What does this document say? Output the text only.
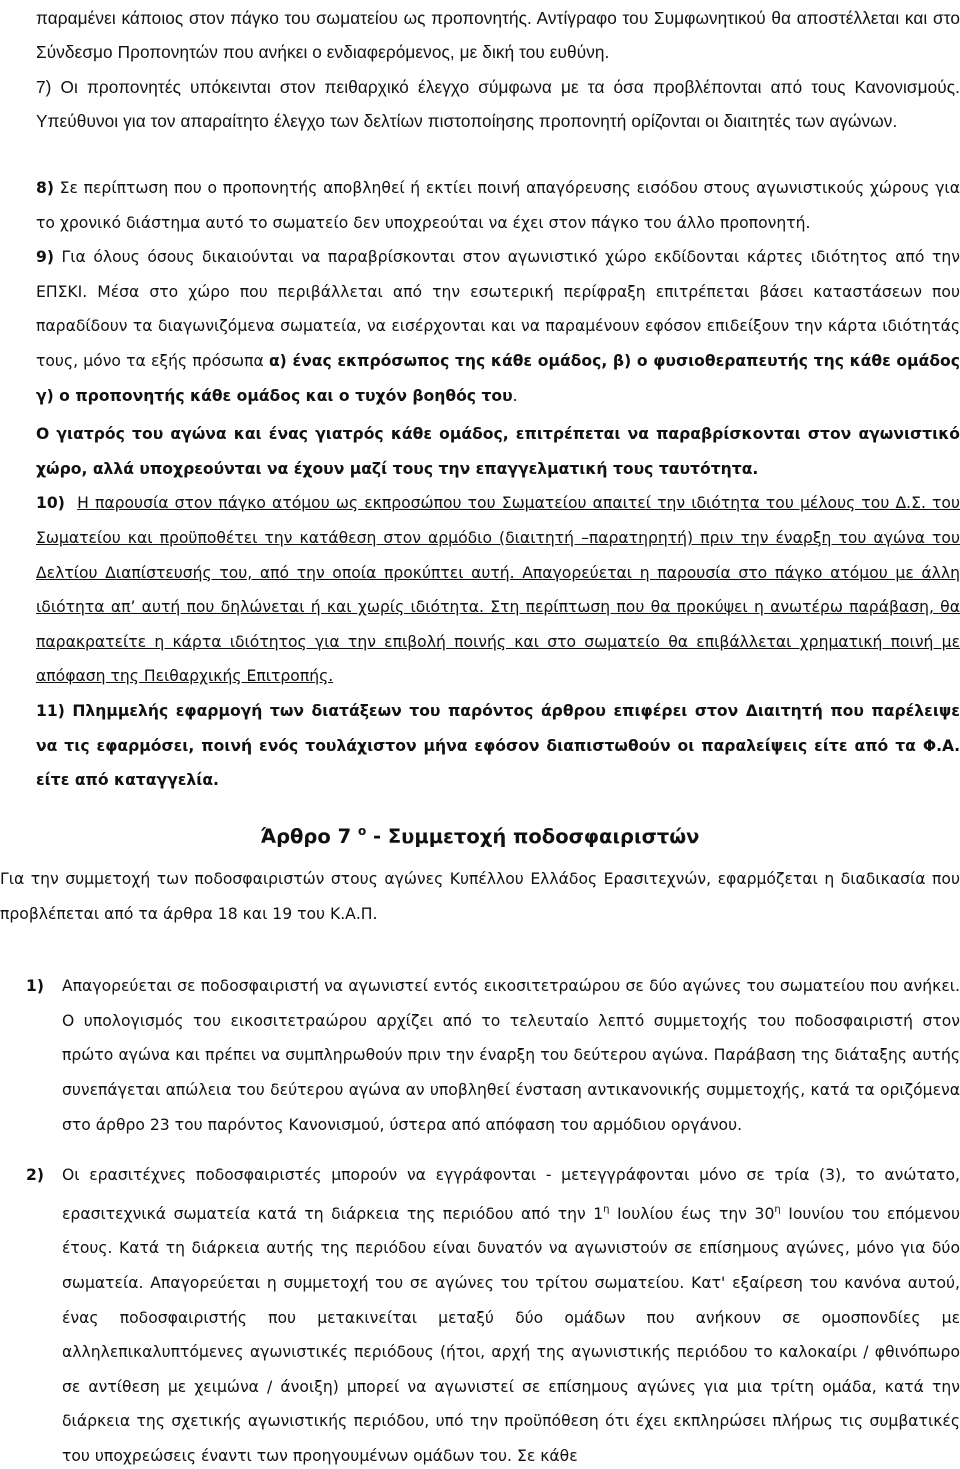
παραμένει κάποιος στον πάγκο του σωματείου ως προπονητής. Αντίγραφο του Συμφωνητικού θα αποστέλλεται και στο Σύνδεσμο Προπονητών που ανήκει ο ενδιαφερόμενος, με δική του ευθύνη.

7) Οι προπονητές υπόκεινται στον πειθαρχικό έλεγχο σύμφωνα με τα όσα προβλέπονται από τους Κανονισμούς. Υπεύθυνοι για τον απαραίτητο έλεγχο των δελτίων πιστοποίησης προπονητή ορίζονται οι διαιτητές των αγώνων.

8) Σε περίπτωση που ο προπονητής αποβληθεί ή εκτίει ποινή απαγόρευσης εισόδου στους αγωνιστικούς χώρους για το χρονικό διάστημα αυτό το σωματείο δεν υποχρεούται να έχει στον πάγκο του άλλο προπονητή.

9) Για όλους όσους δικαιούνται να παραβρίσκονται στον αγωνιστικό χώρο εκδίδονται κάρτες ιδιότητος από την ΕΠΣΚΙ. Μέσα στο χώρο που περιβάλλεται από την εσωτερική περίφραξη επιτρέπεται βάσει καταστάσεων που παραδίδουν τα διαγωνιζόμενα σωματεία, να εισέρχονται και να παραμένουν εφόσον επιδείξουν την κάρτα ιδιότητάς τους, μόνο τα εξής πρόσωπα α) ένας εκπρόσωπος της κάθε ομάδος, β) ο φυσιοθεραπευτής της κάθε ομάδος γ) ο προπονητής κάθε ομάδος και ο τυχόν βοηθός του.

Ο γιατρός του αγώνα και ένας γιατρός κάθε ομάδος, επιτρέπεται να παραβρίσκονται στον αγωνιστικό χώρο, αλλά υποχρεούνται να έχουν μαζί τους την επαγγελματική τους ταυτότητα.

10) Η παρουσία στον πάγκο ατόμου ως εκπροσώπου του Σωματείου απαιτεί την ιδιότητα του μέλους του Δ.Σ. του Σωματείου και προϋποθέτει την κατάθεση στον αρμόδιο (διαιτητή –παρατηρητή) πριν την έναρξη του αγώνα του Δελτίου Διαπίστευσής του, από την οποία προκύπτει αυτή. Απαγορεύεται η παρουσία στο πάγκο ατόμου με άλλη ιδιότητα απ’ αυτή που δηλώνεται ή και χωρίς ιδιότητα. Στη περίπτωση που θα προκύψει η ανωτέρω παράβαση, θα παρακρατείτε η κάρτα ιδιότητος για την επιβολή ποινής και στο σωματείο θα επιβάλλεται χρηματική ποινή με απόφαση της Πειθαρχικής Επιτροπής.

11) Πλημμελής εφαρμογή των διατάξεων του παρόντος άρθρου επιφέρει στον Διαιτητή που παρέλειψε να τις εφαρμόσει, ποινή ενός τουλάχιστον μήνα εφόσον διαπιστωθούν οι παραλείψεις είτε από τα Φ.Α. είτε από καταγγελία.

Άρθρο 7 $^o$ - Συμμετοχή ποδοσφαιριστών

Για την συμμετοχή των ποδοσφαιριστών στους αγώνες Κυπέλλου Ελλάδος Ερασιτεχνών, εφαρμόζεται η διαδικασία που προβλέπεται από τα άρθρα 18 και 19 του Κ.Α.Π.

1) Απαγορεύεται σε ποδοσφαιριστή να αγωνιστεί εντός εικοσιτετραώρου σε δύο αγώνες του σωματείου που ανήκει. Ο υπολογισμός του εικοσιτετραώρου αρχίζει από το τελευταίο λεπτό συμμετοχής του ποδοσφαιριστή στον πρώτο αγώνα και πρέπει να συμπληρωθούν πριν την έναρξη του δεύτερου αγώνα. Παράβαση της διάταξης αυτής συνεπάγεται απώλεια του δεύτερου αγώνα αν υποβληθεί ένσταση αντικανονικής συμμετοχής, κατά τα οριζόμενα στο άρθρο 23 του παρόντος Κανονισμού, ύστερα από απόφαση του αρμόδιου οργάνου.

2) Οι ερασιτέχνες ποδοσφαιριστές μπορούν να εγγράφονται - μετεγγράφονται μόνο σε τρία (3), το ανώτατο, ερασιτεχνικά σωματεία κατά τη διάρκεια της περιόδου από την $1^\eta$ Ιουλίου έως την $30^\eta$ Ιουνίου του επόμενου έτους. Κατά τη διάρκεια αυτής της περιόδου είναι δυνατόν να αγωνιστούν σε επίσημους αγώνες, μόνο για δύο σωματεία. Απαγορεύεται η συμμετοχή του σε αγώνες του τρίτου σωματείου. Κατ' εξαίρεση του κανόνα αυτού, ένας ποδοσφαιριστής που μετακινείται μεταξύ δύο ομάδων που ανήκουν σε ομοσπονδίες με αλληλεπικαλυπτόμενες αγωνιστικές περιόδους (ήτοι, αρχή της αγωνιστικής περιόδου το καλοκαίρι / φθινόπωρο σε αντίθεση με χειμώνα / άνοιξη) μπορεί να αγωνιστεί σε επίσημους αγώνες για μια τρίτη ομάδα, κατά την διάρκεια της σχετικής αγωνιστικής περιόδου, υπό την προϋπόθεση ότι έχει εκπληρώσει πλήρως τις συμβατικές του υποχρεώσεις έναντι των προηγουμένων ομάδων του. Σε κάθε
